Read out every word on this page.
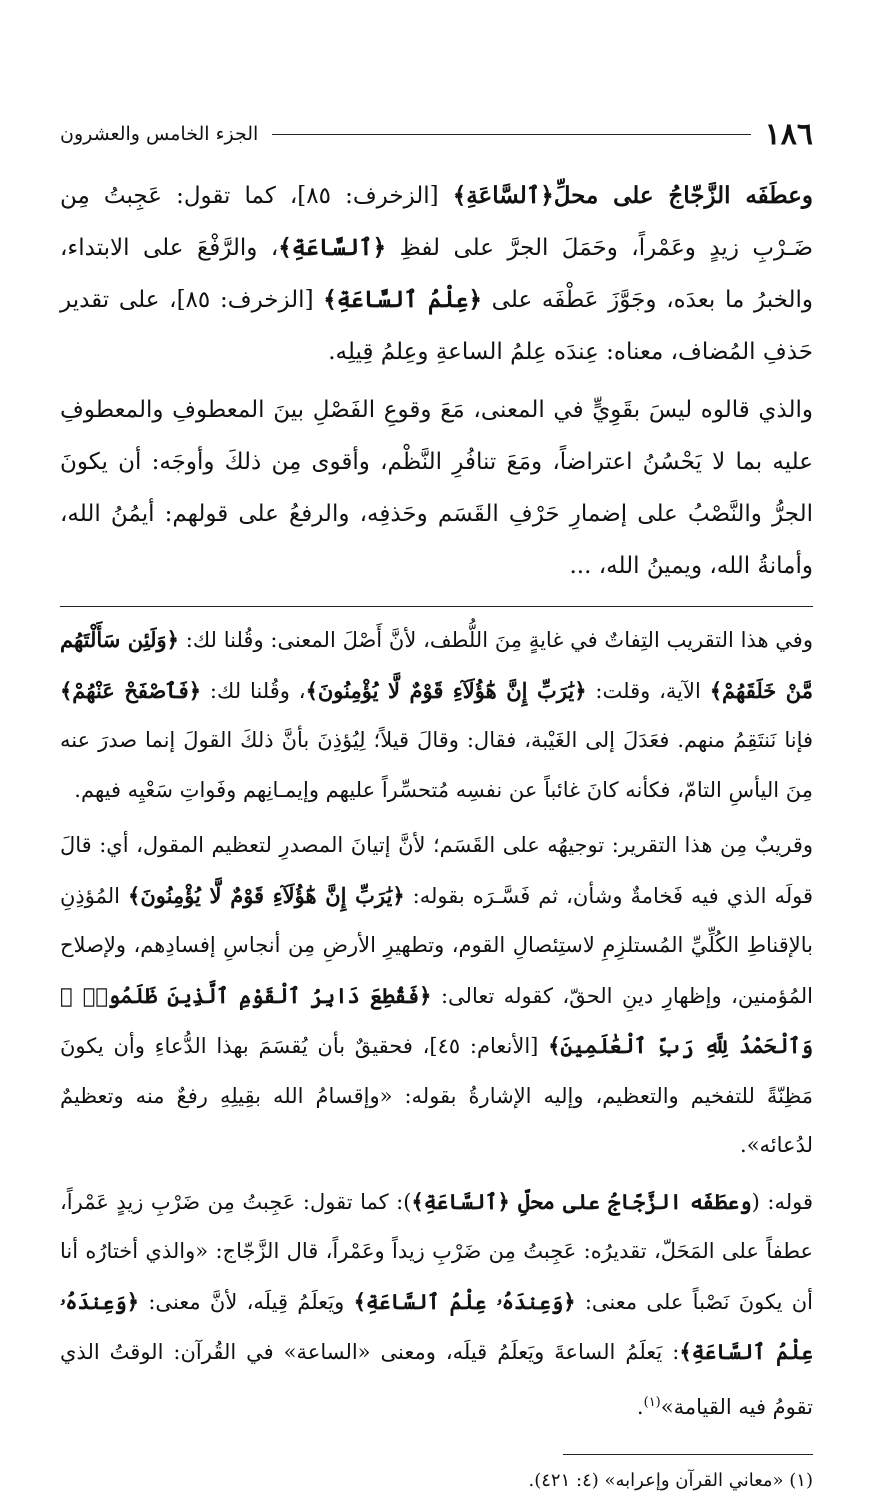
١٨٦
الجزء الخامس والعشرون

وعطَفَه الزَّجّاجُ على محلِّ﴿ٱلسَّاعَةِ﴾ [الزخرف: ٨٥]، كما تقول: عَجِبتُ مِن ضَـرْبِ زيدٍ وعَمْراً، وحَمَلَ الجرَّ على لفظِ ﴿ٱلسَّاعَةِ﴾، والرَّفْعَ على الابتداء، والخبرُ ما بعدَه، وجَوَّزَ عَطْفَه على ﴿عِلْمُ ٱلسَّاعَةِ﴾ [الزخرف: ٨٥]، على تقدير حَذفِ المُضاف، معناه: عِندَه عِلمُ الساعةِ وعِلمُ قِيلِه.

والذي قالوه ليسَ بقَوِيٍّ في المعنى، مَعَ وقوعِ الفَصْلِ بينَ المعطوفِ والمعطوفِ عليه بما لا يَحْسُنُ اعتراضاً، ومَعَ تنافُرِ النَّظْم، وأقوى مِن ذلكَ وأوجَه: أن يكونَ الجرُّ والنَّصْبُ على إضمارِ حَرْفِ القَسَم وحَذفِه، والرفعُ على قولهم: أيمُنُ الله، وأمانةُ الله، ويمينُ الله، ...

وفي هذا التقريب التِفاتٌ في غايةٍ مِنَ اللُّطف، لأنَّ أَصْلَ المعنى: وقُلنا لك: ﴿وَلَئِن سَأَلْتَهُم مَّنْ خَلَقَهُمْ﴾ الآية، وقلت: ﴿يَٰرَبِّ إِنَّ هَٰٓؤُلَآءِ قَوْمٌ لَّا يُؤْمِنُونَ﴾، وقُلنا لك: ﴿فَٱصْفَحْ عَنْهُمْ﴾ فإنا نَنتَقِمُ منهم. فعَدَلَ إلى الغَيْبة، فقال: وقالَ قيلاً؛ لِيُؤذِنَ بأنَّ ذلكَ القولَ إنما صدرَ عنه مِنَ اليأسِ التامّ، فكأنه كانَ غائباً عن نفسِه مُتحسِّراً عليهم وإيمـانِهم وفَواتِ سَعْيِه فيهم.

وقريبٌ مِن هذا التقرير: توجيهُه على القَسَم؛ لأنَّ إتيانَ المصدرِ لتعظيم المقول، أي: قالَ قولَه الذي فيه فَخامةٌ وشأن، ثم فَسَّـرَه بقوله: ﴿يَٰرَبِّ إِنَّ هَٰٓؤُلَآءِ قَوْمٌ لَّا يُؤْمِنُونَ﴾ المُؤذِنِ بالإقناطِ الكُلِّيِّ المُستلزِمِ لاستِئصالِ القوم، وتطهيرِ الأرضِ مِن أنجاسِ إفسادِهم، ولإصلاح المُؤمنين، وإظهارِ دينِ الحقّ، كقوله تعالى: ﴿فَقُطِعَ دَابِرُ ٱلْقَوْمِ ٱلَّذِينَ ظَلَمُوا۟ ۚ وَٱلْحَمْدُ لِلَّهِ رَبِّ ٱلْعَٰلَمِينَ﴾ [الأنعام: ٤٥]، فحقيقٌ بأن يُقسَمَ بهذا الدُّعاءِ وأن يكونَ مَظِنّةً للتفخيم والتعظيم، وإليه الإشارةُ بقوله: «وإقسامُ الله بقِيلِهِ رفعٌ منه وتعظيمٌ لدُعائه».

قوله: (وعطَفَه الزَّجّاجُ على محلِّ ﴿ٱلسَّاعَةِ﴾): كما تقول: عَجِبتُ مِن ضَرْبِ زيدٍ عَمْراً، عطفاً على المَحَلّ، تقديرُه: عَجِبتُ مِن ضَرْبِ زيداً وعَمْراً، قال الزَّجّاج: «والذي أختارُه أنا أن يكونَ نَصْباً على معنى: ﴿وَعِندَهُۥ عِلْمُ ٱلسَّاعَةِ﴾ ويَعلَمُ قِيلَه، لأنَّ معنى: ﴿وَعِندَهُۥ عِلْمُ ٱلسَّاعَةِ﴾: يَعلَمُ الساعةَ ويَعلَمُ قيلَه، ومعنى «الساعة» في القُرآن: الوقتُ الذي تقومُ فيه القيامة»$^{(١)}$.

(١) «معاني القرآن وإعرابه» (٤: ٤٢١).
